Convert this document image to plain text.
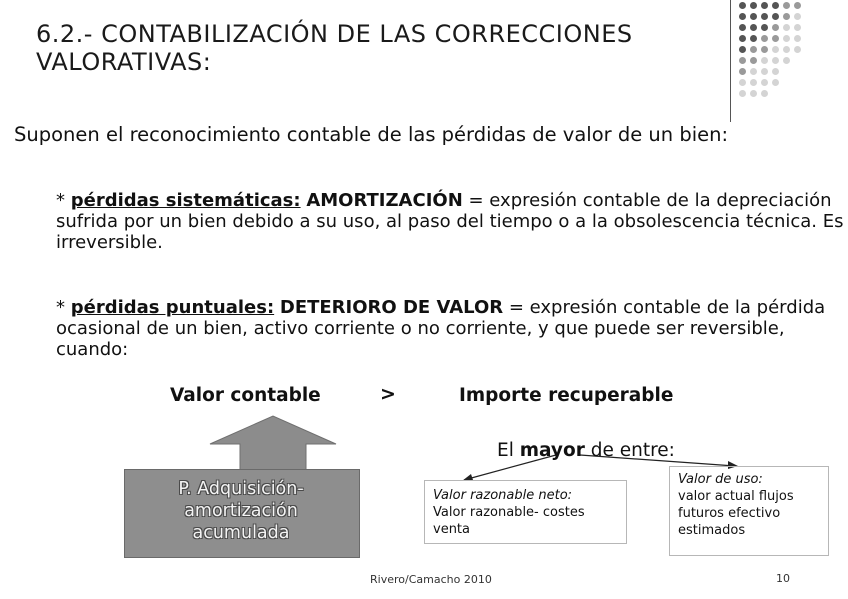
6.2.- CONTABILIZACIÓN DE LAS CORRECCIONES
VALORATIVAS:
Suponen el reconocimiento contable de las pérdidas de valor de un bien:
* pérdidas sistemáticas: AMORTIZACIÓN = expresión contable de la depreciación sufrida por un bien debido a su uso, al paso del tiempo o a la obsolescencia técnica. Es irreversible.
* pérdidas puntuales: DETERIORO DE VALOR = expresión contable de la pérdida ocasional de un bien, activo corriente o no corriente, y que puede ser reversible, cuando:
Valor contable	>	Importe recuperable
El mayor de entre:
P. Adquisición-
amortización
acumulada
Valor razonable neto:
Valor razonable- costes venta
Valor de uso:
valor actual flujos futuros efectivo estimados
Rivero/Camacho 2010	10
